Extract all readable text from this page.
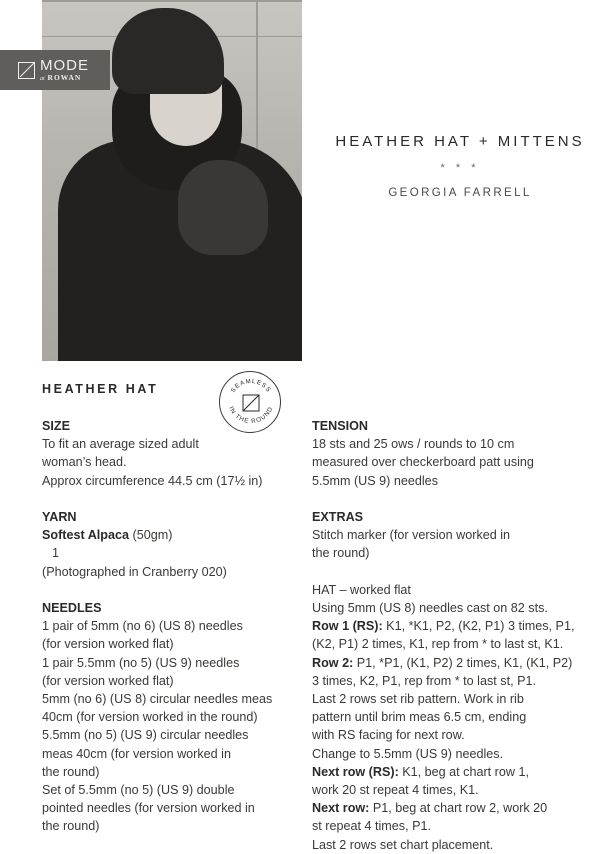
MODE
at ROWAN
HEATHER HAT + MITTENS
* * *
GEORGIA FARRELL
HEATHER HAT	SEAMLESS
IN THE ROUND
SIZE
To fit an average sized adult
woman’s head.
Approx circumference 44.5 cm (17½ in)
YARN
Softest Alpaca (50gm)
1
(Photographed in Cranberry 020)
NEEDLES
1 pair of 5mm (no 6) (US 8) needles
(for version worked flat)
1 pair 5.5mm (no 5) (US 9) needles
(for version worked flat)
5mm (no 6) (US 8) circular needles meas
40cm (for version worked in the round)
5.5mm (no 5) (US 9) circular needles
meas 40cm (for version worked in
the round)
Set of 5.5mm (no 5) (US 9) double
pointed needles (for version worked in
the round)
TENSION
18 sts and 25 ows / rounds to 10 cm
measured over checkerboard patt using
5.5mm (US 9) needles
EXTRAS
Stitch marker (for version worked in
the round)
HAT – worked flat
Using 5mm (US 8) needles cast on 82 sts.
Row 1 (RS): K1, *K1, P2, (K2, P1) 3 times, P1,
(K2, P1) 2 times, K1, rep from * to last st, K1.
Row 2: P1, *P1, (K1, P2) 2 times, K1, (K1, P2)
3 times, K2, P1, rep from * to last st, P1.
Last 2 rows set rib pattern. Work in rib
pattern until brim meas 6.5 cm, ending
with RS facing for next row.
Change to 5.5mm (US 9) needles.
Next row (RS): K1, beg at chart row 1,
work 20 st repeat 4 times, K1.
Next row: P1, beg at chart row 2, work 20
st repeat 4 times, P1.
Last 2 rows set chart placement.
